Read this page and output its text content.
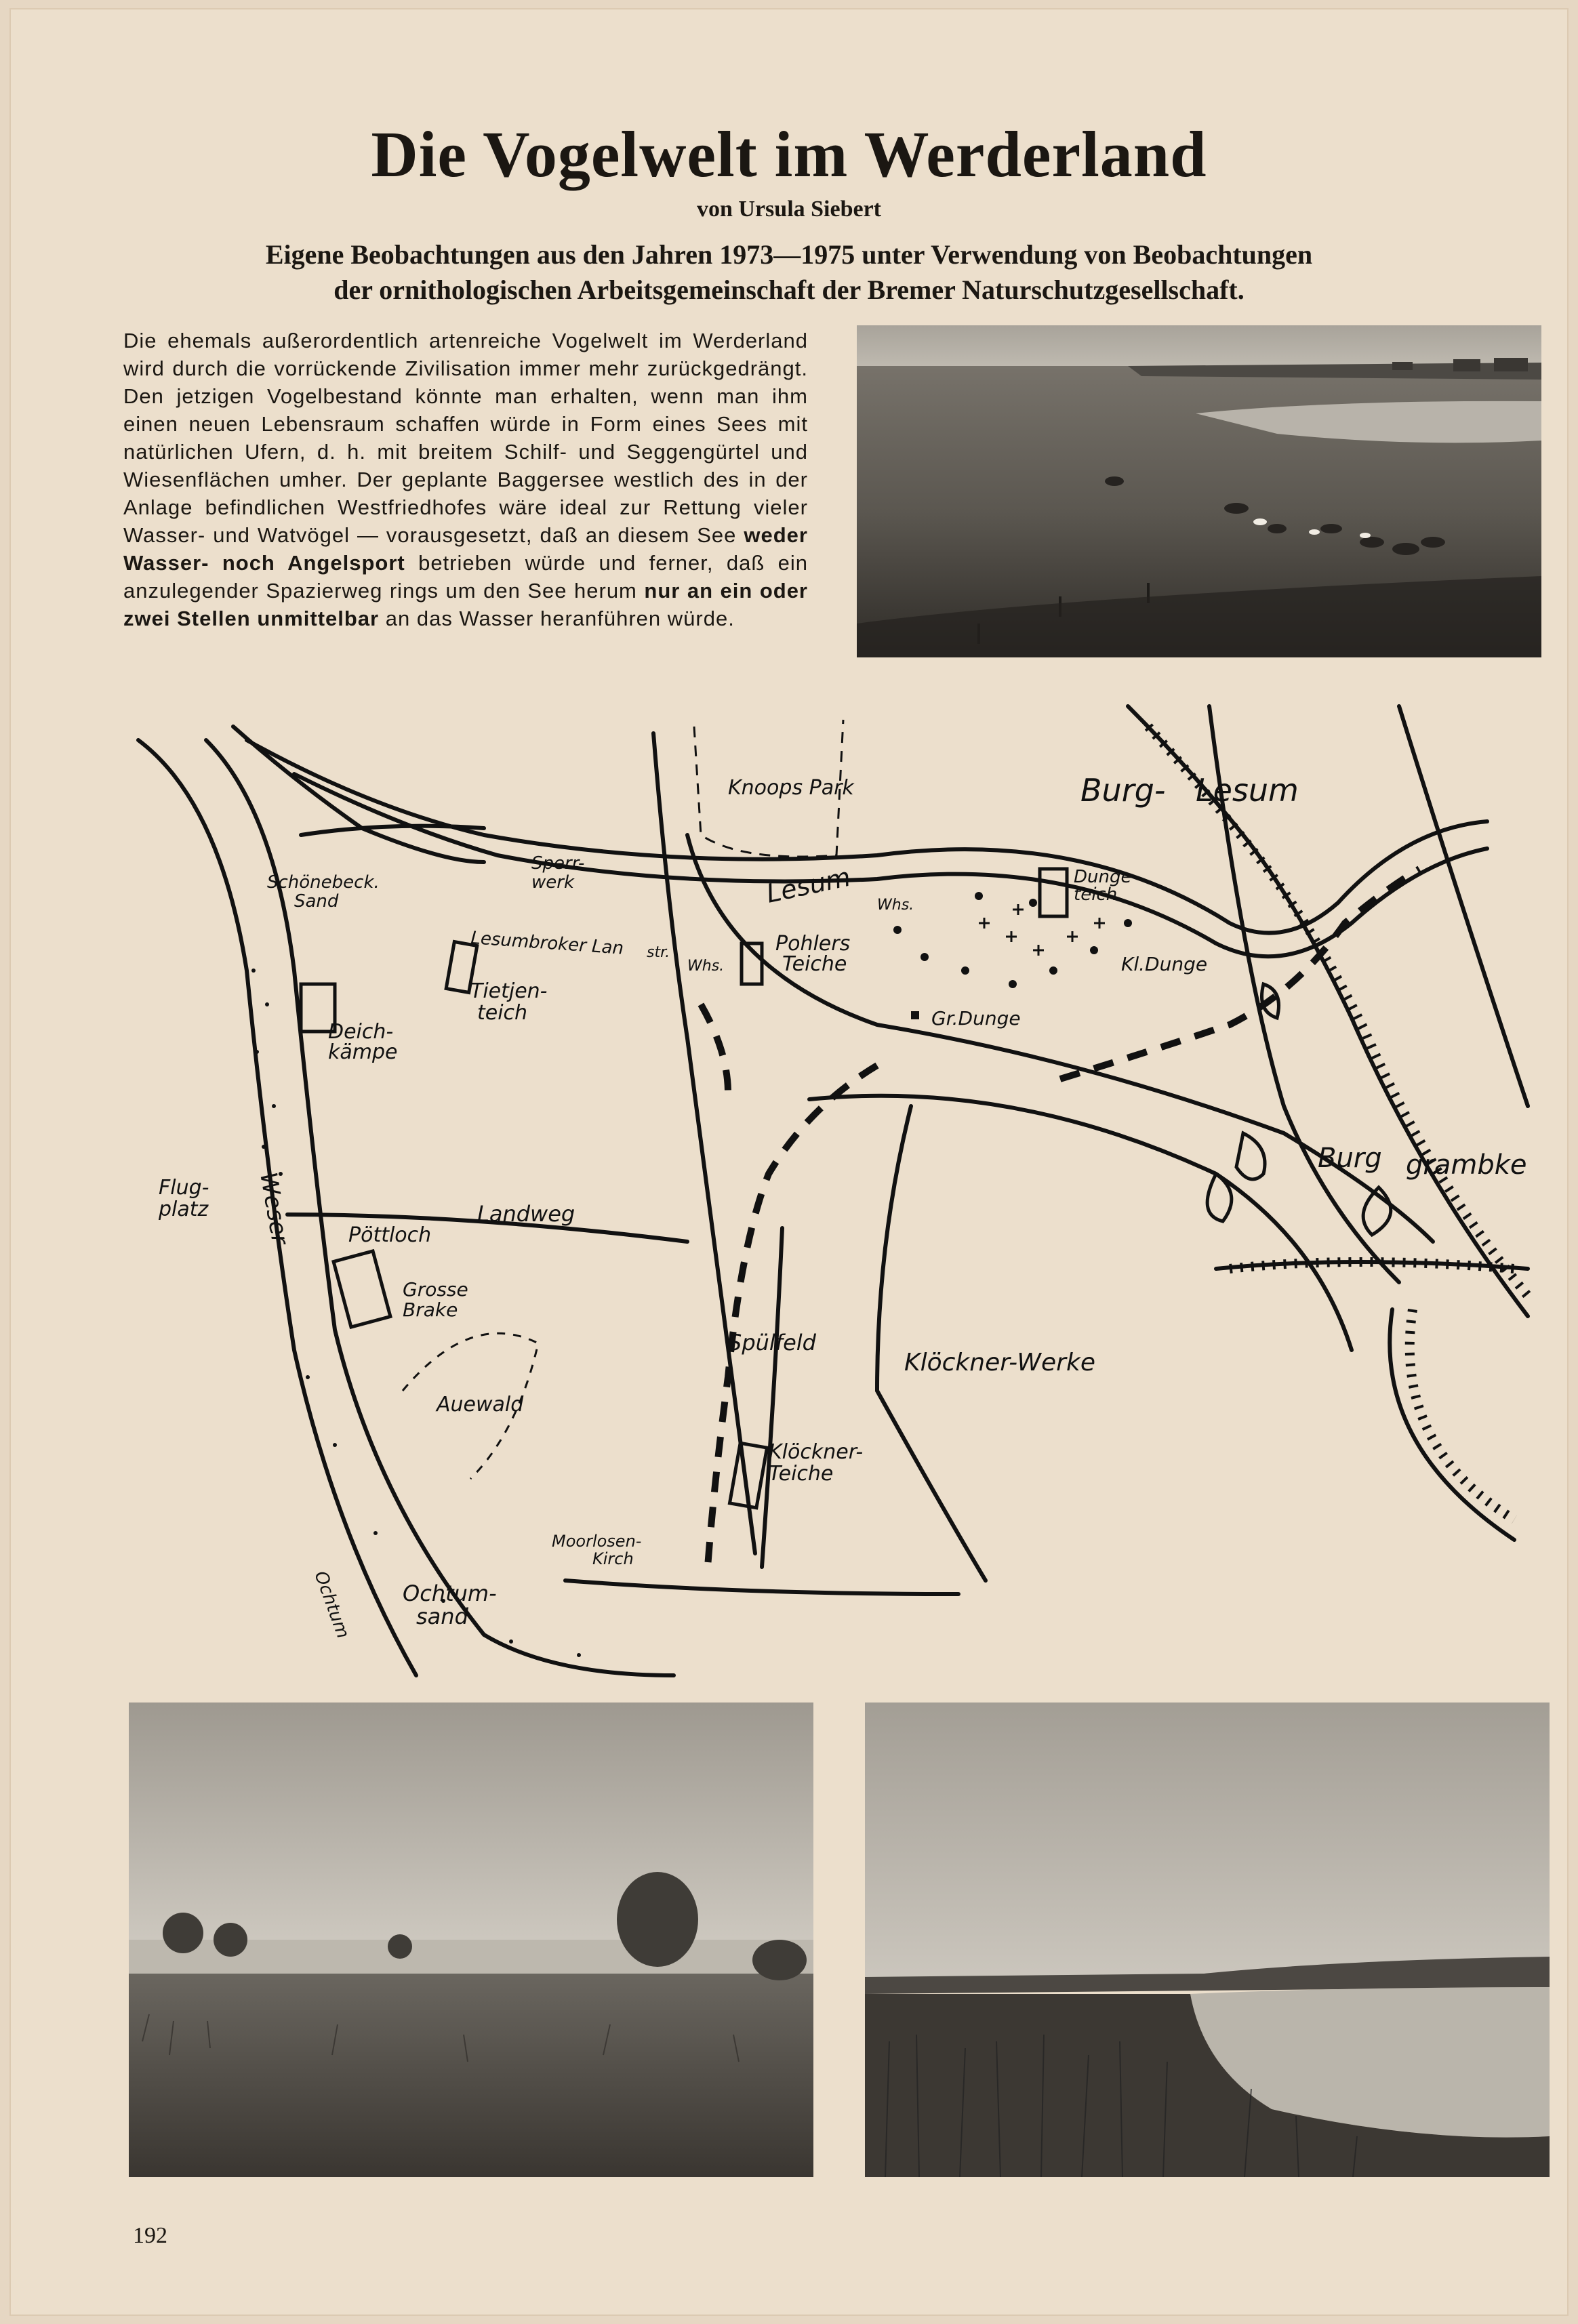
Die Vogelwelt im Werderland
von Ursula Siebert
Eigene Beobachtungen aus den Jahren 1973—1975 unter Verwendung von Beobachtungen
der ornithologischen Arbeitsgemeinschaft der Bremer Naturschutzgesellschaft.
Die ehemals außerordentlich artenreiche Vogelwelt im Werderland wird durch die vorrückende Zivilisation immer mehr zurückgedrängt. Den jetzigen Vogelbestand könnte man erhalten, wenn man ihm einen neuen Lebensraum schaffen würde in Form eines Sees mit natürlichen Ufern, d. h. mit breitem Schilf- und Seggengürtel und Wiesenflächen umher. Der geplante Baggersee westlich des in der Anlage befindlichen Westfriedhofes wäre ideal zur Rettung vieler Wasser- und Watvögel — vorausgesetzt, daß an diesem See weder Wasser- noch Angelsport betrieben würde und ferner, daß ein anzulegender Spazierweg rings um den See herum nur an ein oder zwei Stellen unmittelbar an das Wasser heranführen würde.
Knoops Park	Burg- Lesum
Lesum
Sperr-
werk
Schönebeck.
Sand
Lesumbroker Lan str.
Whs.
Whs.
Pohlers
Teiche
Dunge-
teich
Kl.Dunge
Gr.Dunge
Tietjen-
teich
Deich-
kämpe
Flug-
platz Weser	Landweg
Pöttloch
Grosse
Brake
Burg grambke
Spülfeld
Klöckner-Werke
Auewald
Klöckner-
Teiche
Moorlosen-
Kirch
Ochtum Ochtum-
sand
192
